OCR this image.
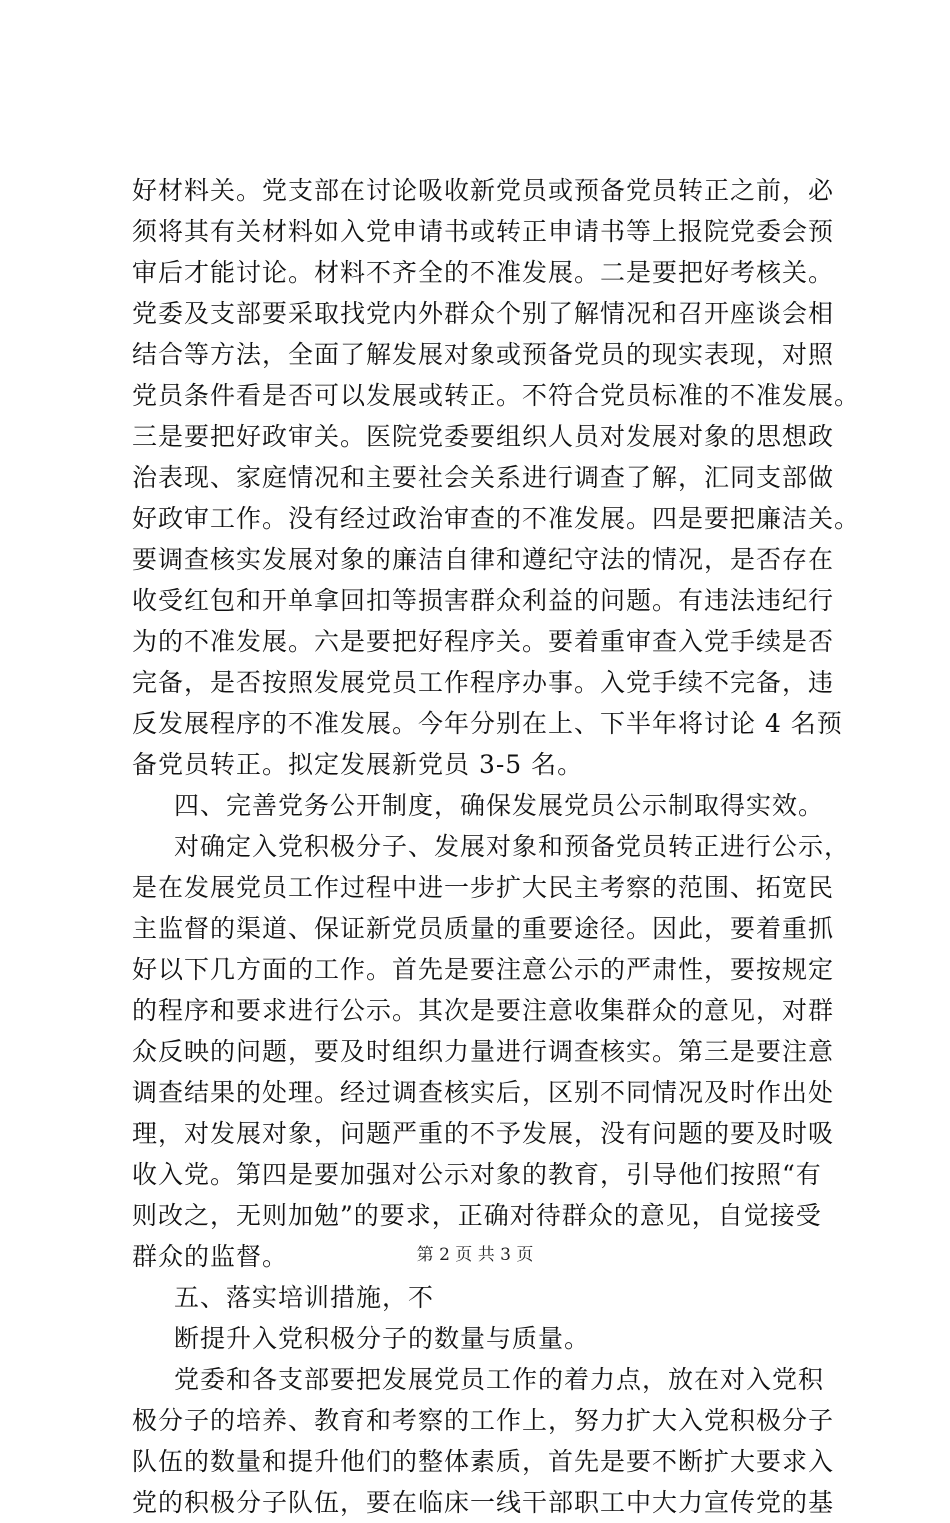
好材料关。党支部在讨论吸收新党员或预备党员转正之前，必
须将其有关材料如入党申请书或转正申请书等上报院党委会预
审后才能讨论。材料不齐全的不准发展。二是要把好考核关。
党委及支部要采取找党内外群众个别了解情况和召开座谈会相
结合等方法，全面了解发展对象或预备党员的现实表现，对照
党员条件看是否可以发展或转正。不符合党员标准的不准发展。
三是要把好政审关。医院党委要组织人员对发展对象的思想政
治表现、家庭情况和主要社会关系进行调查了解，汇同支部做
好政审工作。没有经过政治审查的不准发展。四是要把廉洁关。
要调查核实发展对象的廉洁自律和遵纪守法的情况，是否存在
收受红包和开单拿回扣等损害群众利益的问题。有违法违纪行
为的不准发展。六是要把好程序关。要着重审查入党手续是否
完备，是否按照发展党员工作程序办事。入党手续不完备，违
反发展程序的不准发展。今年分别在上、下半年将讨论 4 名预
备党员转正。拟定发展新党员 3-5 名。
四、完善党务公开制度，确保发展党员公示制取得实效。
对确定入党积极分子、发展对象和预备党员转正进行公示，
是在发展党员工作过程中进一步扩大民主考察的范围、拓宽民
主监督的渠道、保证新党员质量的重要途径。因此，要着重抓
好以下几方面的工作。首先是要注意公示的严肃性，要按规定
的程序和要求进行公示。其次是要注意收集群众的意见，对群
众反映的问题，要及时组织力量进行调查核实。第三是要注意
调查结果的处理。经过调查核实后，区别不同情况及时作出处
理，对发展对象，问题严重的不予发展，没有问题的要及时吸
收入党。第四是要加强对公示对象的教育，引导他们按照“有
则改之，无则加勉”的要求，正确对待群众的意见，自觉接受
群众的监督。
五、落实培训措施，不
断提升入党积极分子的数量与质量。
党委和各支部要把发展党员工作的着力点，放在对入党积
极分子的培养、教育和考察的工作上，努力扩大入党积极分子
队伍的数量和提升他们的整体素质，首先是要不断扩大要求入
党的积极分子队伍，要在临床一线干部职工中大力宣传党的基
第 2 页 共 3 页
